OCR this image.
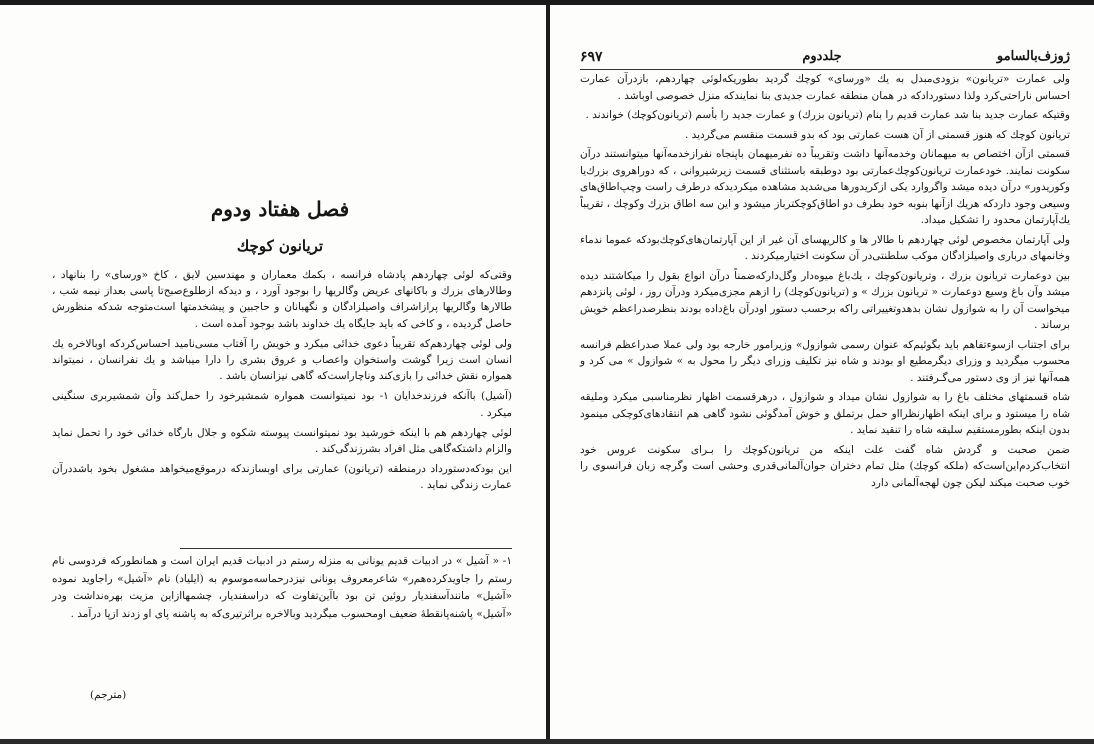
فصل هفتاد ودوم
تریانون کوچك

وقتی‌که لوئی چهاردهم پادشاه فرانسه ، بکمك معماران و مهندسین لایق ، کاخ «ورسای» را بنا‌نهاد ، وطالارهای بزرك و باکانهای عریض وگالریها را بوجود آورد ، و دیدکه ازطلوع‌صبح‌تا پاسی بعداز نیمه شب ، طالارها وگالریها پرازاشراف واصیلزادگان و نگهبانان و حاجبین و پیشخدمتها است‌متوجه شدکه منظورش حاصل گردیده ، و کاخی که باید جایگاه یك خداوند باشد بوجود آمده است .

ولی لوئی چهاردهم‌که تقریباً دعوی خدائی میکرد و خویش را آفتاب مسی‌نامید احساس‌کرد‌که اوبالاخره یك انسان است زیرا گوشت واستخوان واعصاب و عروق بشری را دارا میباشد و یك نفرانسان ، نمیتواند همواره نقش خدائی را بازی‌کند وناچاراست‌که گاهی نیزانسان باشد .

(آشیل) باآنکه فرزندخدایان ۱- بود نمیتوانست همواره شمشیرخود را حمل‌کند وآن شمشیربری سنگینی میکرد .

لوئی چهاردهم هم با اینکه خورشید بود نمیتوانست پیوسته شکوه و جلال بارگاه خدائی خود را تحمل نماید والزام داشتکه‌گاهی مثل افراد بشرزندگی‌کند .

این بودکه‌دستورداد درمنطقه (تریانون) عمارتی برای اوبسازندکه درموقع‌میخواهد مشغول بخود باشددرآن عمارت زندگی نماید .

۱- « آشیل » در ادبیات قدیم یونانی به منزله رستم در ادبیات قدیم ایران است و همانطورکه فردوسی نام رستم را جاوید‌کرده‌هم‌ر» شاعرمعروف یونانی نیزدرحماسه‌موسوم به (ایلیاد) نام «آشیل» راجاوید نموده «آشیل» مانندآسفندیار روئین تن بود باآین‌تفاوت که دراسفندیار، چشمهاازاین مزیت بهره‌نداشت ودر «آشیل» پاشنه‌پانقطهٔ ضعیف اومحسوب میگردید وبالاخره براثرتیری‌که به پاشنه پای او زدند ازپا درآمد .

(مترجم)
ژوزف‌بالسامو
جلددوم
۶۹۷

ولی عمارت «تریانون» بزودی‌مبدل به یك «ورسای» کوچك گردید بطوریکه‌لوئی چهاردهم، بازدرآن عمارت احساس ناراحتی‌کرد ولذا دستورداد‌که در همان منطقه عمارت جدیدی بنا نمایندکه منزل خصوصی اوباشد .

وقتیکه عمارت جدید بنا شد عمارت قدیم را بنام (تریانون بزرك) و عمارت جدید را بأسم (تریانون‌کوچك) خواندند .

تریانون کوچك که هنوز قسمتی از آن هست عمارتی بود که بدو قسمت منقسم می‌گردید .

قسمتی ازآن اختصاص به میهمانان وخدمه‌آنها داشت وتقریباً ده نفرمیهمان باپنجاه نفرازخدمه‌آنها میتوانستند درآن سکونت نمایند. خودعمارت تریانون‌کوچك‌عمارتی بود دوطبقه باستثنای قسمت زیرشیروانی ، که دوراهروی بزرك‌یا وکوریدور» درآن دیده میشد واگروارد یکی ازکریدورها می‌شدید مشاهده میکردیدکه درطرف راست وچپ‌اطاق‌های وسیعی وجود داردکه هریك ازآنها بنوبه خود بطرف دو اطاق‌کوچکتر‌باز میشود و این سه اطاق بزرك وکوچك ، تقریباً یك‌آپارتمان محدود را تشکیل میداد.

ولی آپارتمان مخصوص لوئی چهاردهم با طالار ها و کالریهسای آن غیر از این آپارتمان‌های‌کوچك‌بودکه عموما ندماء وخانمهای درباری واصیلزادگان موکب سلطنتی‌در آن سکونت اختیارمیکردند .

بین دوعمارت تریانون بزرك ، وتریانون‌کوچك ، یك‌باغ میوه‌دار وگل‌دار‌که‌ضمناً درآن انواع بقول را میکاشتند دیده میشد وآن باغ وسیع دوعمارت « تریانون بزرك » و (تریانون‌کوچك) را ازهم مجزی‌میکرد ودرآن روز ، لوئی پانزدهم میخواست آن را به شوازول نشان بدهدوتغییراتی راکه برحسب دستور اودرآن باغ‌داده بودند بنظرصدراعظم خویش برساند .

برای اجتناب ازسوءتفاهم باید بگوئیم‌که عنوان رسمی شوازول» وزیرامور خارجه بود ولی عملا صدراعظم فرانسه محسوب میگردید و وزرای دیگرمطیع او بودند و شاه نیز تکلیف وزرای دیگر را محول به » شوازول » می کرد و همه‌آنها نیز از وی دستور می‌گـرفتند .

شاه قسمتهای مختلف باغ را به شوازول نشان میداد و شوازول ، درهرقسمت اظهار نظرمناسبی میکرد وملیقه شاه را میستود و برای اینکه اظهارنظرااو حمل برتملق و خوش آمدگوئی نشود گاهی هم انتقادهای‌کوچکی مینمود بدون اینکه بطورمستقیم سلیقه شاه را تنقید نماید .

ضمن صحبت و گردش شاه گفت علت اینکه من تریانون‌کوچك را بـرای سکونت عروس خود انتخاب‌کردم‌این‌است‌که (ملکه کوچك) مثل تمام دختران جوان‌آلمانی‌قدری وحشی است وگرچه زبان فرانسوی را خوب صحبت میکند لیکن چون لهجه‌آلمانی دارد
